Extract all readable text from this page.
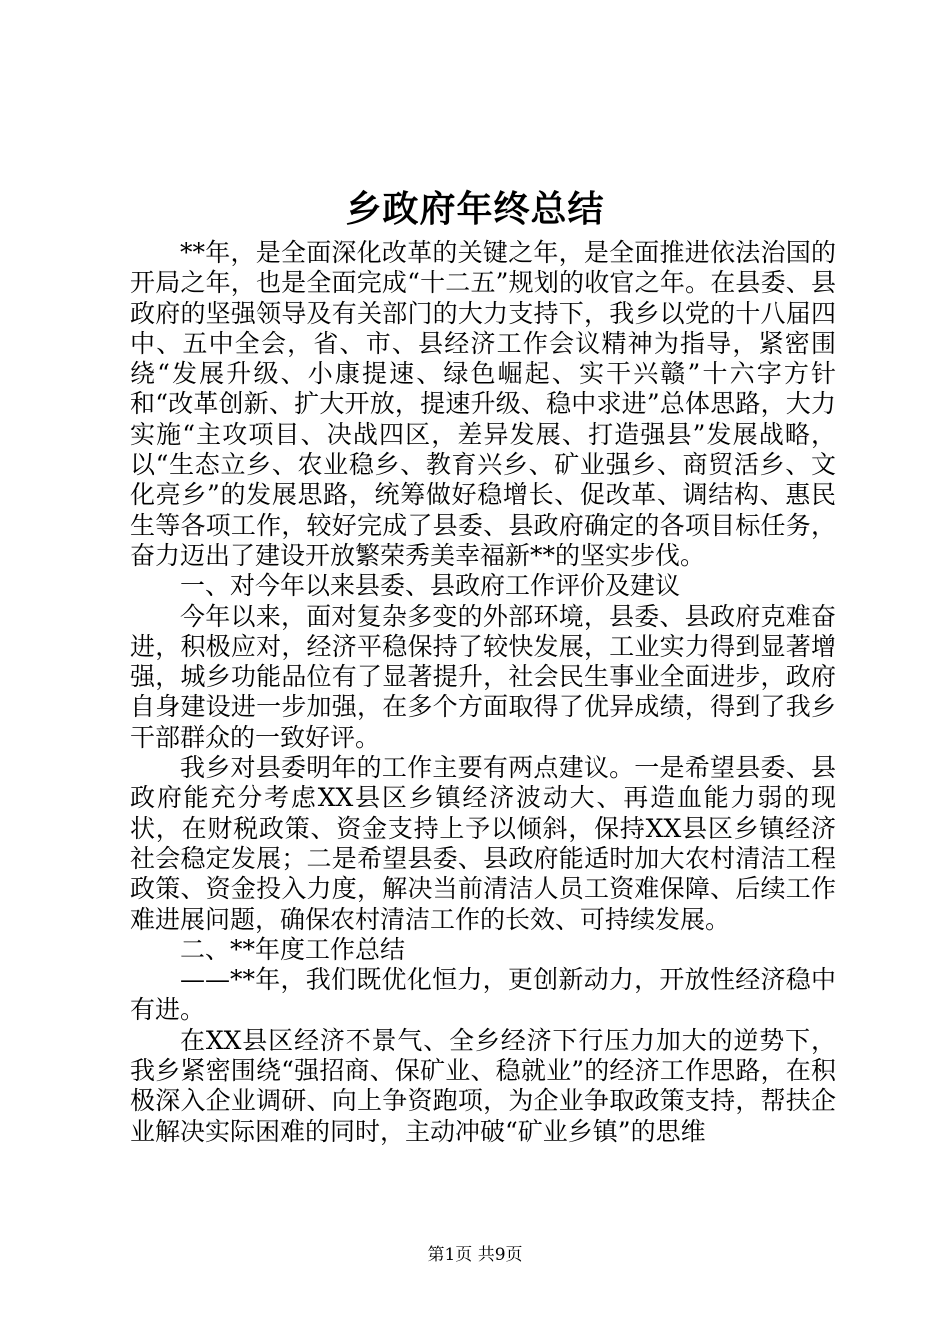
乡政府年终总结

**年，是全面深化改革的关键之年，是全面推进依法治国的开局之年，也是全面完成“十二五”规划的收官之年。在县委、县政府的坚强领导及有关部门的大力支持下，我乡以党的十八届四中、五中全会，省、市、县经济工作会议精神为指导，紧密围绕“发展升级、小康提速、绿色崛起、实干兴赣”十六字方针和“改革创新、扩大开放，提速升级、稳中求进”总体思路，大力实施“主攻项目、决战四区，差异发展、打造强县”发展战略，以“生态立乡、农业稳乡、教育兴乡、矿业强乡、商贸活乡、文化亮乡”的发展思路，统筹做好稳增长、促改革、调结构、惠民生等各项工作，较好完成了县委、县政府确定的各项目标任务，奋力迈出了建设开放繁荣秀美幸福新**的坚实步伐。

一、对今年以来县委、县政府工作评价及建议

今年以来，面对复杂多变的外部环境，县委、县政府克难奋进，积极应对，经济平稳保持了较快发展，工业实力得到显著增强，城乡功能品位有了显著提升，社会民生事业全面进步，政府自身建设进一步加强，在多个方面取得了优异成绩，得到了我乡干部群众的一致好评。

我乡对县委明年的工作主要有两点建议。一是希望县委、县政府能充分考虑XX县区乡镇经济波动大、再造血能力弱的现状，在财税政策、资金支持上予以倾斜，保持XX县区乡镇经济社会稳定发展；二是希望县委、县政府能适时加大农村清洁工程政策、资金投入力度，解决当前清洁人员工资难保障、后续工作难进展问题，确保农村清洁工作的长效、可持续发展。

二、**年度工作总结

——**年，我们既优化恒力，更创新动力，开放性经济稳中有进。

在XX县区经济不景气、全乡经济下行压力加大的逆势下，我乡紧密围绕“强招商、保矿业、稳就业”的经济工作思路，在积极深入企业调研、向上争资跑项，为企业争取政策支持，帮扶企业解决实际困难的同时，主动冲破“矿业乡镇”的思维

第1页 共9页
